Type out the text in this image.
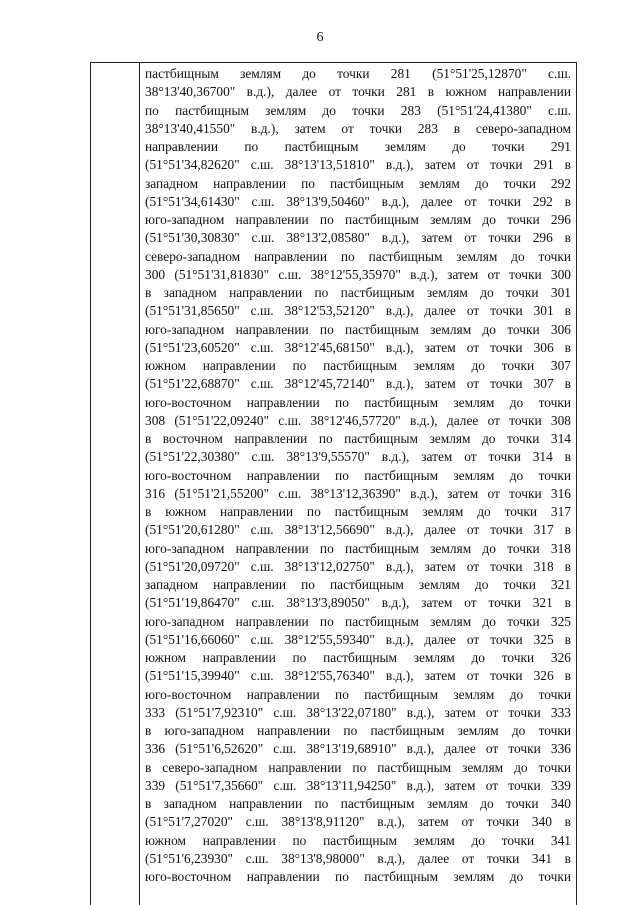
6
пастбищным землям до точки 281 (51°51'25,12870" с.ш.
38°13'40,36700" в.д.), далее от точки 281 в южном направлении
по пастбищным землям до точки 283 (51°51'24,41380" с.ш.
38°13'40,41550" в.д.), затем от точки 283 в северо-западном
направлении по пастбищным землям до точки 291
(51°51'34,82620" с.ш. 38°13'13,51810" в.д.), затем от точки 291 в
западном направлении по пастбищным землям до точки 292
(51°51'34,61430" с.ш. 38°13'9,50460" в.д.), далее от точки 292 в
юго-западном направлении по пастбищным землям до точки 296
(51°51'30,30830" с.ш. 38°13'2,08580" в.д.), затем от точки 296 в
северо-западном направлении по пастбищным землям до точки
300 (51°51'31,81830" с.ш. 38°12'55,35970" в.д.), затем от точки 300
в западном направлении по пастбищным землям до точки 301
(51°51'31,85650" с.ш. 38°12'53,52120" в.д.), далее от точки 301 в
юго-западном направлении по пастбищным землям до точки 306
(51°51'23,60520" с.ш. 38°12'45,68150" в.д.), затем от точки 306 в
южном направлении по пастбищным землям до точки 307
(51°51'22,68870" с.ш. 38°12'45,72140" в.д.), затем от точки 307 в
юго-восточном направлении по пастбищным землям до точки
308 (51°51'22,09240" с.ш. 38°12'46,57720" в.д.), далее от точки 308
в восточном направлении по пастбищным землям до точки 314
(51°51'22,30380" с.ш. 38°13'9,55570" в.д.), затем от точки 314 в
юго-восточном направлении по пастбищным землям до точки
316 (51°51'21,55200" с.ш. 38°13'12,36390" в.д.), затем от точки 316
в южном направлении по пастбищным землям до точки 317
(51°51'20,61280" с.ш. 38°13'12,56690" в.д.), далее от точки 317 в
юго-западном направлении по пастбищным землям до точки 318
(51°51'20,09720" с.ш. 38°13'12,02750" в.д.), затем от точки 318 в
западном направлении по пастбищным землям до точки 321
(51°51'19,86470" с.ш. 38°13'3,89050" в.д.), затем от точки 321 в
юго-западном направлении по пастбищным землям до точки 325
(51°51'16,66060" с.ш. 38°12'55,59340" в.д.), далее от точки 325 в
южном направлении по пастбищным землям до точки 326
(51°51'15,39940" с.ш. 38°12'55,76340" в.д.), затем от точки 326 в
юго-восточном направлении по пастбищным землям до точки
333 (51°51'7,92310" с.ш. 38°13'22,07180" в.д.), затем от точки 333
в юго-западном направлении по пастбищным землям до точки
336 (51°51'6,52620" с.ш. 38°13'19,68910" в.д.), далее от точки 336
в северо-западном направлении по пастбищным землям до точки
339 (51°51'7,35660" с.ш. 38°13'11,94250" в.д.), затем от точки 339
в западном направлении по пастбищным землям до точки 340
(51°51'7,27020" с.ш. 38°13'8,91120" в.д.), затем от точки 340 в
южном направлении по пастбищным землям до точки 341
(51°51'6,23930" с.ш. 38°13'8,98000" в.д.), далее от точки 341 в
юго-восточном направлении по пастбищным землям до точки
